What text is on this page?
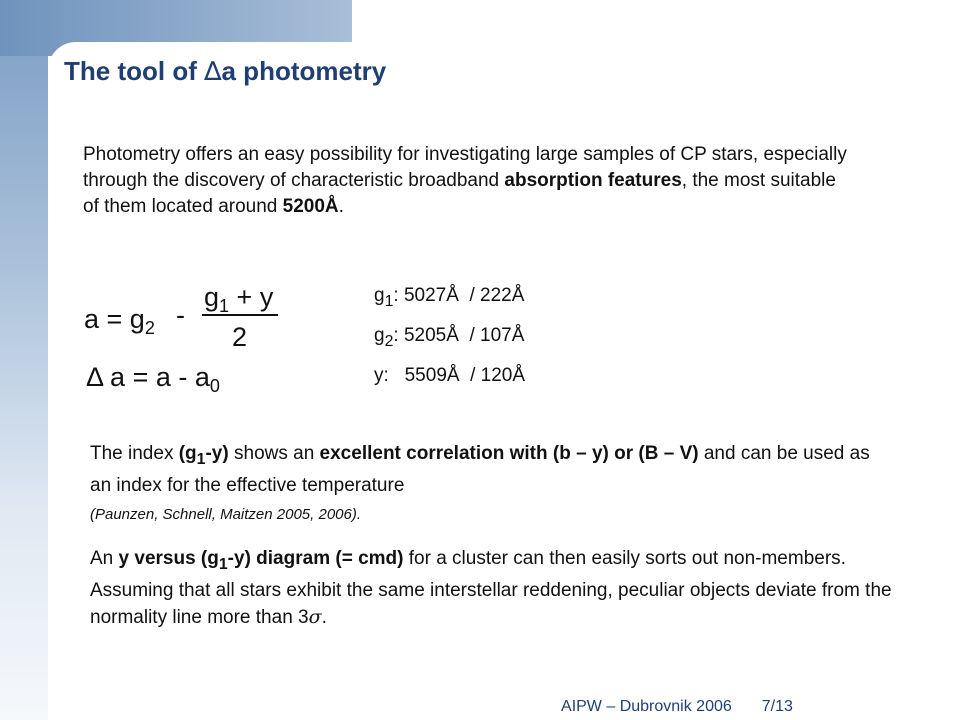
The tool of ∆a photometry
Photometry offers an easy possibility for investigating large samples of CP stars, especially through the discovery of characteristic broadband absorption features, the most suitable of them located around 5200Å.
$a = g_2$ -
$g_1 + y$
2
Δ $a = a - a_0$
$g_1$: 5027Å  / 222Å
$g_2$: 5205Å  / 107Å
y:   5509Å  / 120Å
The index $(g_1-y)$ shows an excellent correlation with (b – y) or (B – V) and can be used as an index for the effective temperature
(Paunzen, Schnell, Maitzen 2005, 2006).
An y versus $(g_1-y)$ diagram (= cmd) for a cluster can then easily sorts out non-members. Assuming that all stars exhibit the same interstellar reddening, peculiar objects deviate from the normality line more than 3σ.

AIPW – Dubrovnik 2006 7/13
